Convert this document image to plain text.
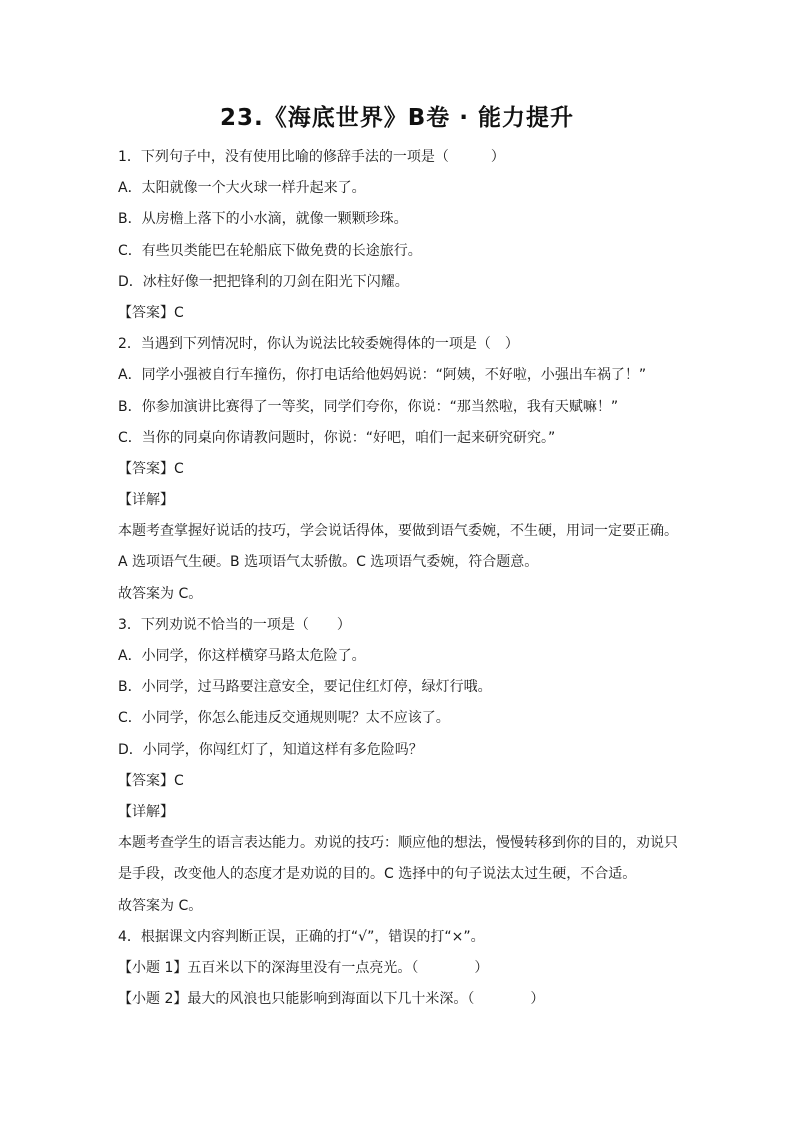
23.《海底世界》B卷 · 能力提升
1．下列句子中，没有使用比喻的修辞手法的一项是（　　　）
A．太阳就像一个大火球一样升起来了。
B．从房檐上落下的小水滴，就像一颗颗珍珠。
C．有些贝类能巴在轮船底下做免费的长途旅行。
D．冰柱好像一把把锋利的刀剑在阳光下闪耀。
【答案】C
2．当遇到下列情况时，你认为说法比较委婉得体的一项是（　）
A．同学小强被自行车撞伤，你打电话给他妈妈说：“阿姨，不好啦，小强出车祸了！”
B．你参加演讲比赛得了一等奖，同学们夸你，你说：“那当然啦，我有天赋嘛！”
C．当你的同桌向你请教问题时，你说：“好吧，咱们一起来研究研究。”
【答案】C
【详解】
本题考查掌握好说话的技巧，学会说话得体，要做到语气委婉，不生硬，用词一定要正确。A 选项语气生硬。B 选项语气太骄傲。C 选项语气委婉，符合题意。
故答案为 C。
3．下列劝说不恰当的一项是（　　）
A．小同学，你这样横穿马路太危险了。
B．小同学，过马路要注意安全，要记住红灯停，绿灯行哦。
C．小同学，你怎么能违反交通规则呢？太不应该了。
D．小同学，你闯红灯了，知道这样有多危险吗？
【答案】C
【详解】
本题考查学生的语言表达能力。劝说的技巧：顺应他的想法，慢慢转移到你的目的，劝说只是手段，改变他人的态度才是劝说的目的。C 选择中的句子说法太过生硬，不合适。
故答案为 C。
4．根据课文内容判断正误，正确的打“√”，错误的打“×”。
【小题 1】五百米以下的深海里没有一点亮光。（　　　　）
【小题 2】最大的风浪也只能影响到海面以下几十米深。（　　　　）
